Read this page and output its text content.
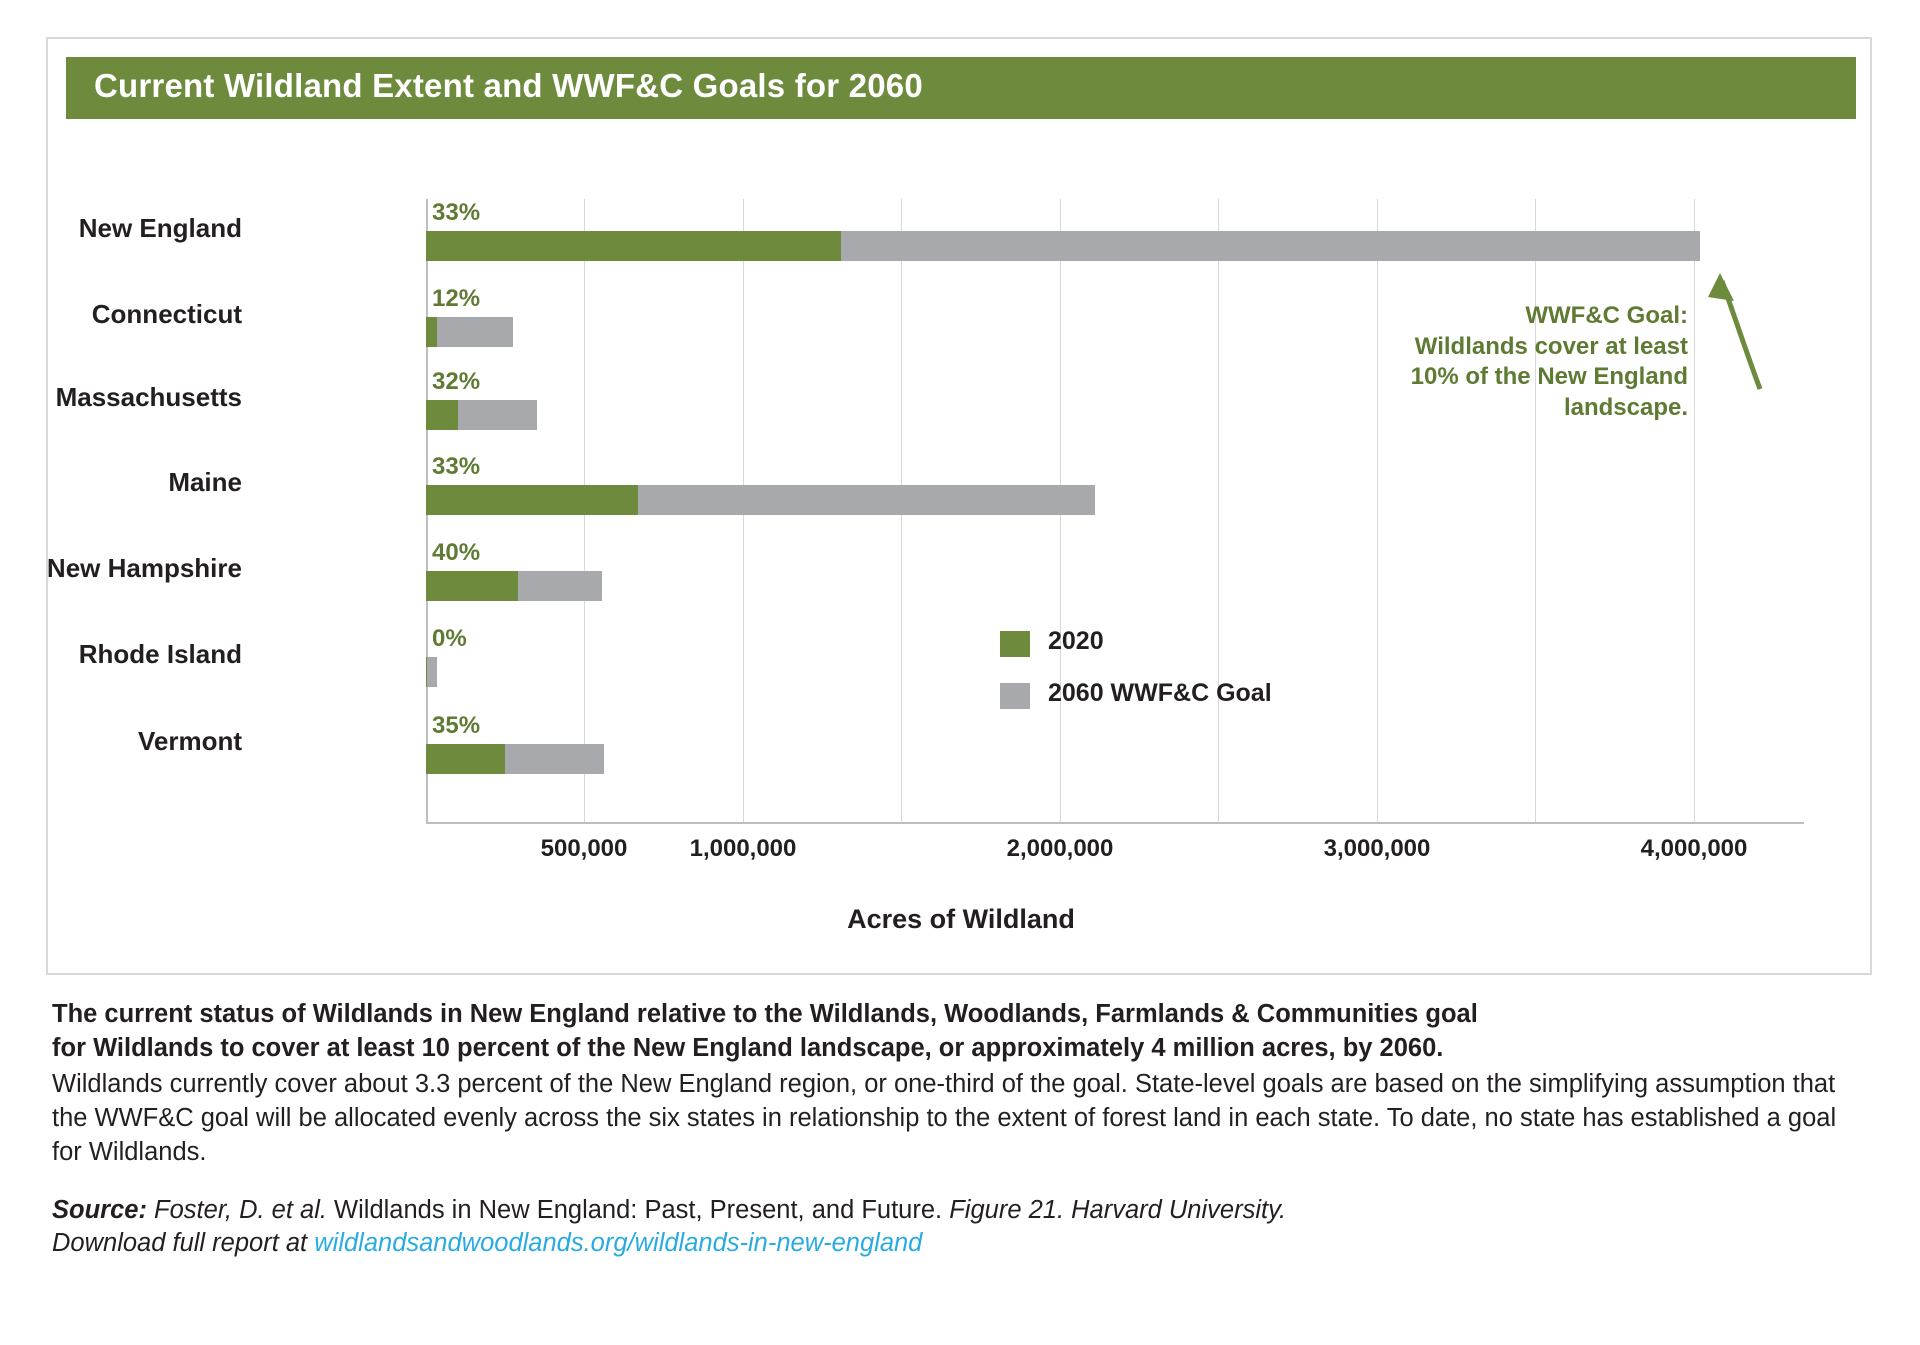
Current Wildland Extent and WWF&C Goals for 2060
New England
33%
Connecticut
12%
Massachusetts
32%
Maine
33%
New Hampshire
40%
Rhode Island
0%
Vermont
35%
500,000	1,000,000	2,000,000	3,000,000	4,000,000
2020
2060 WWF&C Goal
WWF&C Goal:
Wildlands cover at least
10% of the New England
landscape.
Acres of Wildland
The current status of Wildlands in New England relative to the Wildlands, Woodlands, Farmlands & Communities goal
for Wildlands to cover at least 10 percent of the New England landscape, or approximately 4 million acres, by 2060.
Wildlands currently cover about 3.3 percent of the New England region, or one-third of the goal. State-level goals are based on the simplifying assumption that the WWF&C goal will be allocated evenly across the six states in relationship to the extent of forest land in each state. To date, no state has established a goal for Wildlands.
Source: Foster, D. et al. Wildlands in New England: Past, Present, and Future. Figure 21. Harvard University.
Download full report at wildlandsandwoodlands.org/wildlands-in-new-england
